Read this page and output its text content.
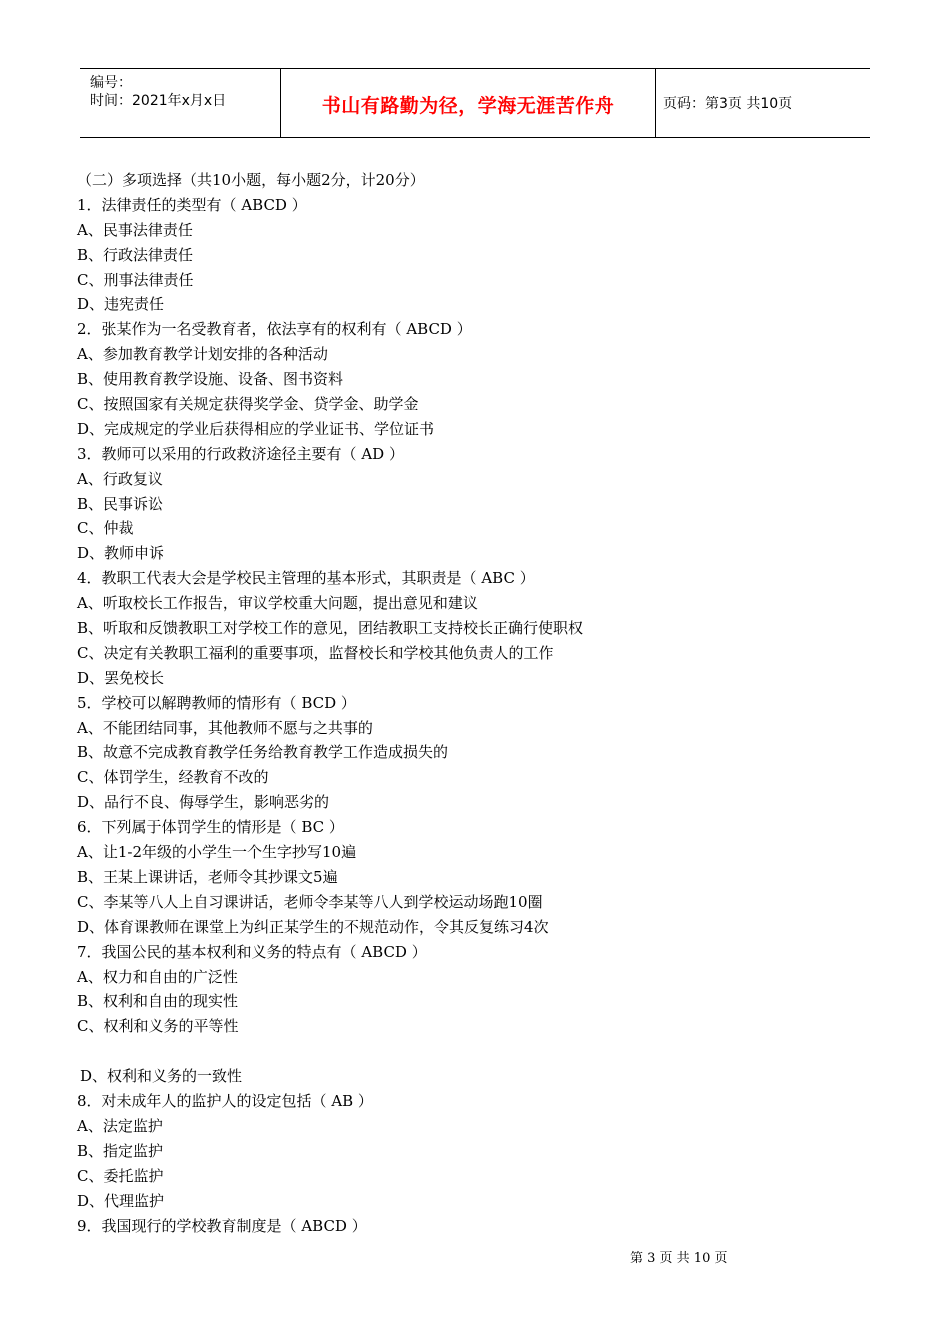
编号：
时间：2021年x月x日	书山有路勤为径，学海无涯苦作舟	页码：第3页 共10页
（二）多项选择（共10小题，每小题2分，计20分）
1．法律责任的类型有（ ABCD ）
A、民事法律责任
B、行政法律责任
C、刑事法律责任
D、违宪责任
2．张某作为一名受教育者，依法享有的权利有（ ABCD ）
A、参加教育教学计划安排的各种活动
B、使用教育教学设施、设备、图书资料
C、按照国家有关规定获得奖学金、贷学金、助学金
D、完成规定的学业后获得相应的学业证书、学位证书
3．教师可以采用的行政救济途径主要有（ AD ）
A、行政复议
B、民事诉讼
C、仲裁
D、教师申诉
4．教职工代表大会是学校民主管理的基本形式，其职责是（ ABC ）
A、听取校长工作报告，审议学校重大问题，提出意见和建议
B、听取和反馈教职工对学校工作的意见，团结教职工支持校长正确行使职权
C、决定有关教职工福利的重要事项，监督校长和学校其他负责人的工作
D、罢免校长
5．学校可以解聘教师的情形有（ BCD ）
A、不能团结同事，其他教师不愿与之共事的
B、故意不完成教育教学任务给教育教学工作造成损失的
C、体罚学生，经教育不改的
D、品行不良、侮辱学生，影响恶劣的
6．下列属于体罚学生的情形是（ BC ）
A、让1-2年级的小学生一个生字抄写10遍
B、王某上课讲话，老师令其抄课文5遍
C、李某等八人上自习课讲话，老师令李某等八人到学校运动场跑10圈
D、体育课教师在课堂上为纠正某学生的不规范动作，令其反复练习4次
7．我国公民的基本权利和义务的特点有（ ABCD ）
A、权力和自由的广泛性
B、权利和自由的现实性
C、权利和义务的平等性
D、权利和义务的一致性
8．对未成年人的监护人的设定包括（ AB ）
A、法定监护
B、指定监护
C、委托监护
D、代理监护
9．我国现行的学校教育制度是（ ABCD ）
第 3 页 共 10 页
